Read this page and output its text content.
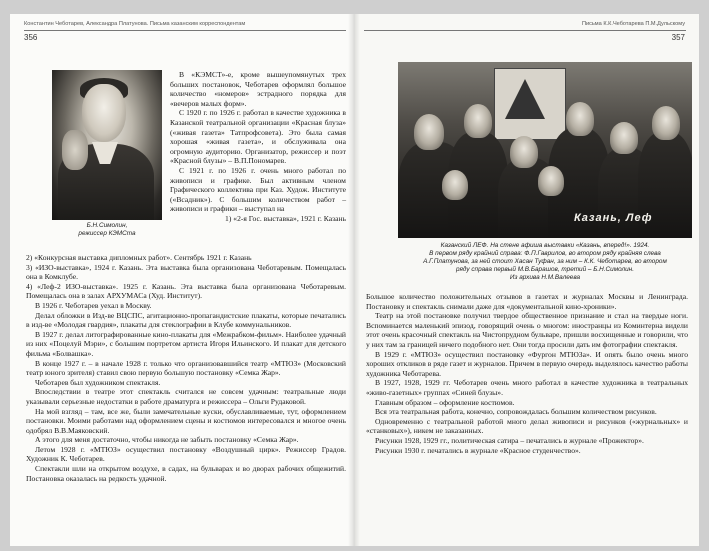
Константин Чеботарев, Александра Платунова. Письма казанским корреспондентам
356
Б.Н.Симолин,
режиссер КЭМСта

В «КЭМСТ»-е, кроме вышеупомянутых трех больших постановок, Чеботарев оформлял большое количество «номеров» эстрадного порядка для «вечеров малых форм».

С 1920 г. по 1926 г. работал в качестве художника в Казанской театральной организации «Красная блуза» («живая газета» Татпрофсовета). Это была самая хорошая «живая газета», и обслуживала она огромную аудиторию. Организатор, режиссер и поэт «Красной блузы» – В.П.Пономарев.

С 1921 г. по 1926 г. очень много работал по живописи и графике. Был активным членом Графического коллектива при Каз. Худож. Институте («Всадник»). С большим количеством работ – живописи и графики – выступал на

1) «2-я Гос. выставка», 1921 г. Казань

2) «Конкурсная выставка дипломных работ». Сентябрь 1921 г. Казань

3) «ИЗО-выставка», 1924 г. Казань. Эта выставка была организована Чеботаревым. Помещалась она в Комклубе.

4) «Леф-2 ИЗО-выставка». 1925 г. Казань. Эта выставка была организована Чеботаревым. Помещалась она в залах АРХУМАСа (Худ. Институт).

В 1926 г. Чеботарев уехал в Москву.

Делал обложки в Изд-ве ВЦСПС, агитационно-пропагандистские плакаты, которые печатались в изд-ве «Молодая гвардия», плакаты для стеклографии в Клубе коммунальников.

В 1927 г. делал литографированные кино-плакаты для «Межрабком-фильм». Наиболее удачный из них «Поцелуй Мэри», с большим портретом артиста Игоря Ильинского. И плакат для детского фильма «Болвашка».

В конце 1927 г. – в начале 1928 г. только что организовавшийся театр «МТЮЗ» (Московский театр юного зрителя) ставил свою первую большую постановку «Семка Жар».

Чеботарев был художником спектакля.

Впоследствии в театре этот спектакль считался не совсем удачным: театральные люди указывали серьезные недостатки в работе драматурга и режиссера – Ольги Рудаковой.

На мой взгляд – там, все же, были замечательные куски, обуславливаемые, тут, оформлением постановки. Моими работами над оформлением сцены и костюмов интересовался и многое очень одобрял В.В.Маяковский.

А этого для меня достаточно, чтобы никогда не забыть постановку «Семка Жар».

Летом 1928 г. «МТЮЗ» осуществил постановку «Воздушный цирк». Режиссер Градов. Художник К. Чеботарев.

Спектакли шли на открытом воздухе, в садах, на бульварах и во дворах рабочих общежитий. Постановка оказалась на редкость удачной.

Письма К.К.Чеботарева П.М.Дульскому
357
Казань, Леф
Казанский ЛЕФ. На стене афиша выставки «Казань, вперед!». 1924.
В первом ряду крайний справа: Ф.П.Гаврилов, во втором ряду крайняя слева
А.Г.Платунова, за ней стоит Хасан Туфан, за ним – К.К. Чеботарев, во втором
ряду справа первый М.В.Барашов, третий – Б.Н.Симолин.
Из архива Н.М.Валеева

Большое количество положительных отзывов в газетах и журналах Москвы и Ленинграда. Постановку и спектакль снимали даже для «документальной кино-хроники».

Театр на этой постановке получил твердое общественное признание и стал на твердые ноги. Вспоминается маленький эпизод, говорящий очень о многом: иностранцы из Коминтерна видели этот очень красочный спектакль на Чистопрудном бульваре, пришли восхищенные и говорили, что у них там за границей ничего подобного нет. Они тогда просили дать им фотографии спектакля.

В 1929 г. «МТЮЗ» осуществил постановку «Фургон МТЮЗа». И опять было очень много хороших откликов в ряде газет и журналов. Причем в первую очередь выделялось качество работы художника Чеботарева.

В 1927, 1928, 1929 гг. Чеботарев очень много работал в качестве художника в театральных «живо-газетных» группах «Синей блузы».

Главным образом – оформление костюмов.

Вся эта театральная работа, конечно, сопровождалась большим количеством рисунков.

Одновременно с театральной работой много делал живописи и рисунков («журнальных» и «станковых»), никем не заказанных.

Рисунки 1928, 1929 гг., политическая сатира – печатались в журнале «Прожектор».

Рисунки 1930 г. печатались в журнале «Красное студенчество».
